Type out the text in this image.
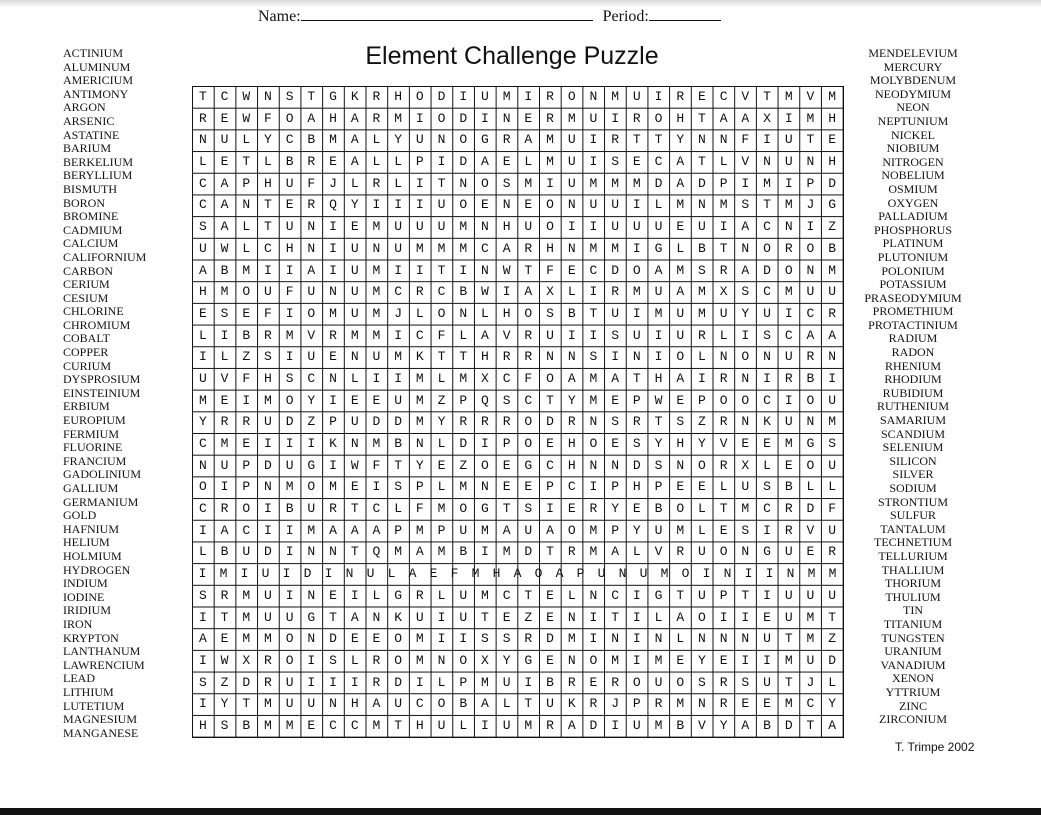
Name:	Period:
Element Challenge Puzzle
ACTINIUM
ALUMINUM
AMERICIUM
ANTIMONY
ARGON
ARSENIC
ASTATINE
BARIUM
BERKELIUM
BERYLLIUM
BISMUTH
BORON
BROMINE
CADMIUM
CALCIUM
CALIFORNIUM
CARBON
CERIUM
CESIUM
CHLORINE
CHROMIUM
COBALT
COPPER
CURIUM
DYSPROSIUM
EINSTEINIUM
ERBIUM
EUROPIUM
FERMIUM
FLUORINE
FRANCIUM
GADOLINIUM
GALLIUM
GERMANIUM
GOLD
HAFNIUM
HELIUM
HOLMIUM
HYDROGEN
INDIUM
IODINE
IRIDIUM
IRON
KRYPTON
LANTHANUM
LAWRENCIUM
LEAD
LITHIUM
LUTETIUM
MAGNESIUM
MANGANESE
MENDELEVIUM
MERCURY
MOLYBDENUM
NEODYMIUM
NEON
NEPTUNIUM
NICKEL
NIOBIUM
NITROGEN
NOBELIUM
OSMIUM
OXYGEN
PALLADIUM
PHOSPHORUS
PLATINUM
PLUTONIUM
POLONIUM
POTASSIUM
PRASEODYMIUM
PROMETHIUM
PROTACTINIUM
RADIUM
RADON
RHENIUM
RHODIUM
RUBIDIUM
RUTHENIUM
SAMARIUM
SCANDIUM
SELENIUM
SILICON
SILVER
SODIUM
STRONTIUM
SULFUR
TANTALUM
TECHNETIUM
TELLURIUM
THALLIUM
THORIUM
THULIUM
TIN
TITANIUM
TUNGSTEN
URANIUM
VANADIUM
XENON
YTTRIUM
ZINC
ZIRCONIUM
TCWNSTGKRHODIUMIRONMUIRECVTMVM
REWFOAHARMIODINERMUIROHTAAXIMH
NULYCBMALYUNOGRAMUIRTTYNNFIUTE
LETLBREALLPIDAELMUISECATLVNUNH
CAPHUFJLRLITNOSMIUMMMDADPIMIPD
CANTERQYIIIUOENEONUUILMNMSTMJG
SALTUNIEMUUUMNHUOIIUUUEUIACNIZ
UWLCHNIUNUMMMCARHNMMIGLBTNOROB
ABMIIAIUMIITINWTFECDOAMSRADONM
HMOUFUNUMCRCBWIAXLIRMUAMXSCMUU
ESEFIOMUMJLONLHOSBTUIMUMUYUICR
LIBRMVRMMICFLAVRUIISUIURLISCAA
ILZSIUENUMKTTHRRNNSINIOLNONURN
UVFHSCNLIIMLMXCFOAMATHAIRNIRBI
MEIMOYIEEUMZPQSCTYMEPWEPOOCIOU
YRRUDZPUDDMYRRRODRNSRTSZRNKUNM
CMEIIIKNMBNLDIPOEHOESYHYVEEMGS
NUPDUGIWFTYEZOEGCHNNDSNORXLEOU
OIPNMOMEISPLMNEEPCIPHPEELUSBLL
CROIBURTCLFMOGTSIERYEBOLTMCRDF
IACIIMAAAPMPUMAUAOMPYUMLESIRVU
LBUDINNTQMAMBIMDTRMALVRUONGUER
IMIUIDINULAEFMHAOAPUNUMOINIINMM
SRMUINEILGRLUMCTELNCIGTUPTIUUU
ITMUUGTANKUIUTEZENITILAOIIEUMT
AEMMONDEEOMIISSRDMININLNNNUTMZ
IWXROISLROMNOXYGENOMIMEYEIIMUD
SZDRUIIIRDILPMUIBREROUOSRSUTJL
IYTMUUNHAUCOBALTUKRJPRMNREEMCY
HSBMMECCMTHULIUMRADIUMBVYABDTA
T. Trimpe 2002
